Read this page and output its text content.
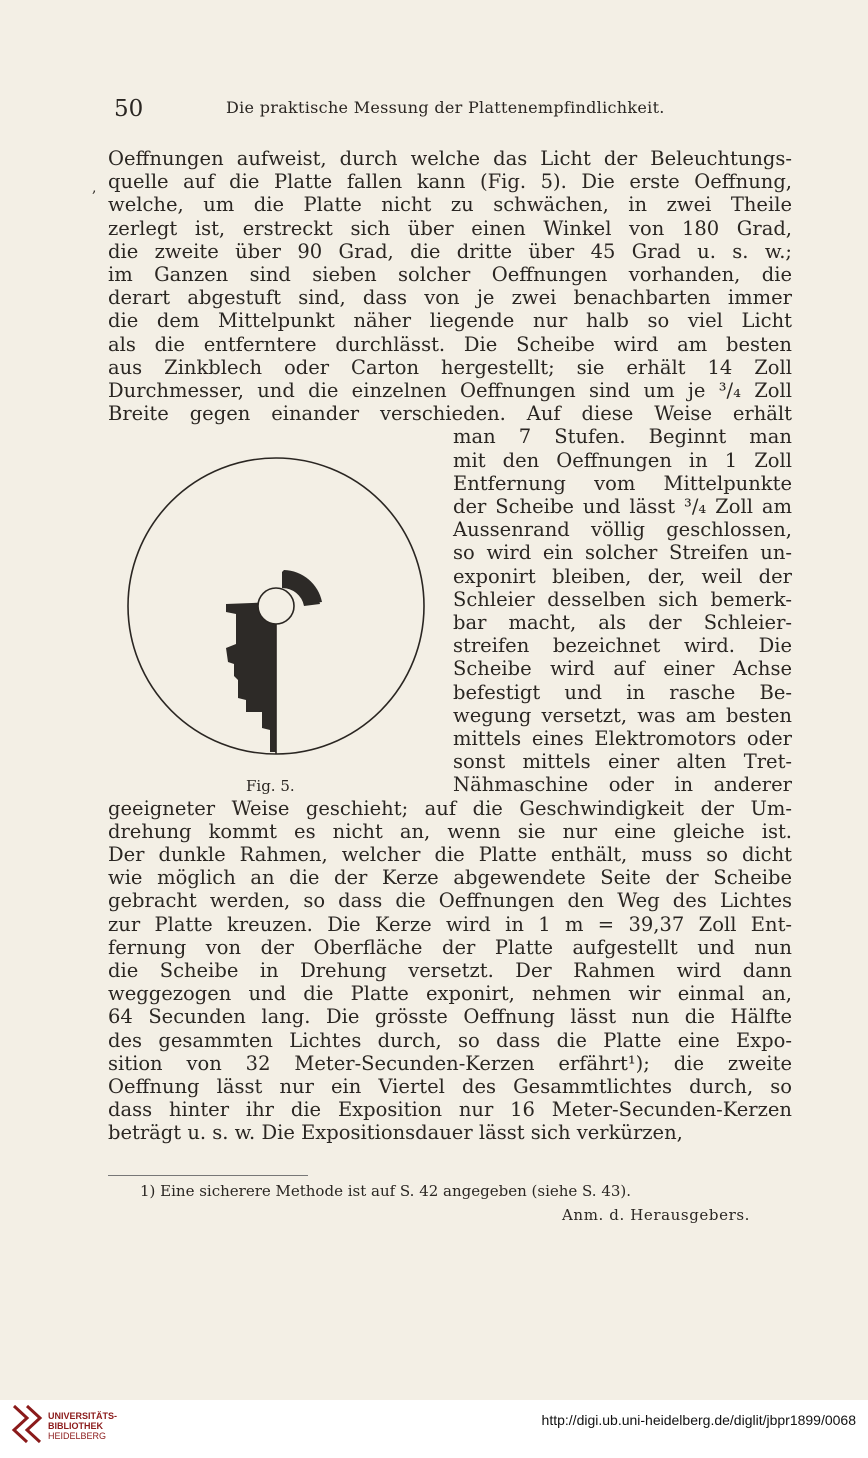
50	Die praktische Messung der Plattenempfindlichkeit.
,
Oeffnungen aufweist, durch welche das Licht der Beleuchtungs-
quelle auf die Platte fallen kann (Fig. 5). Die erste Oeffnung,
welche, um die Platte nicht zu schwächen, in zwei Theile
zerlegt ist, erstreckt sich über einen Winkel von 180 Grad,
die zweite über 90 Grad, die dritte über 45 Grad u. s. w.;
im Ganzen sind sieben solcher Oeffnungen vorhanden, die
derart abgestuft sind, dass von je zwei benachbarten immer
die dem Mittelpunkt näher liegende nur halb so viel Licht
als die entferntere durchlässt. Die Scheibe wird am besten
aus Zinkblech oder Carton hergestellt; sie erhält 14 Zoll
Durchmesser, und die einzelnen Oeffnungen sind um je ³/₄ Zoll
Breite gegen einander verschieden. Auf diese Weise erhält
man 7 Stufen. Beginnt man
mit den Oeffnungen in 1 Zoll
Entfernung vom Mittelpunkte
der Scheibe und lässt ³/₄ Zoll am
Aussenrand völlig geschlossen,
so wird ein solcher Streifen un-
exponirt bleiben, der, weil der
Schleier desselben sich bemerk-
bar macht, als der Schleier-
streifen bezeichnet wird. Die
Scheibe wird auf einer Achse
befestigt und in rasche Be-
wegung versetzt, was am besten
mittels eines Elektromotors oder
sonst mittels einer alten Tret-
Nähmaschine oder in anderer
geeigneter Weise geschieht; auf die Geschwindigkeit der Um-
drehung kommt es nicht an, wenn sie nur eine gleiche ist.
Der dunkle Rahmen, welcher die Platte enthält, muss so dicht
wie möglich an die der Kerze abgewendete Seite der Scheibe
gebracht werden, so dass die Oeffnungen den Weg des Lichtes
zur Platte kreuzen. Die Kerze wird in 1 m = 39,37 Zoll Ent-
fernung von der Oberfläche der Platte aufgestellt und nun
die Scheibe in Drehung versetzt. Der Rahmen wird dann
weggezogen und die Platte exponirt, nehmen wir einmal an,
64 Secunden lang. Die grösste Oeffnung lässt nun die Hälfte
des gesammten Lichtes durch, so dass die Platte eine Expo-
sition von 32 Meter-Secunden-Kerzen erfährt¹); die zweite
Oeffnung lässt nur ein Viertel des Gesammtlichtes durch, so
dass hinter ihr die Exposition nur 16 Meter-Secunden-Kerzen
beträgt u. s. w. Die Expositionsdauer lässt sich verkürzen,
Fig. 5.
1) Eine sicherere Methode ist auf S. 42 angegeben (siehe S. 43).
Anm. d. Herausgebers.
UNIVERSITÄTS-
BIBLIOTHEK
HEIDELBERG
http://digi.ub.uni-heidelberg.de/diglit/jbpr1899/0068
